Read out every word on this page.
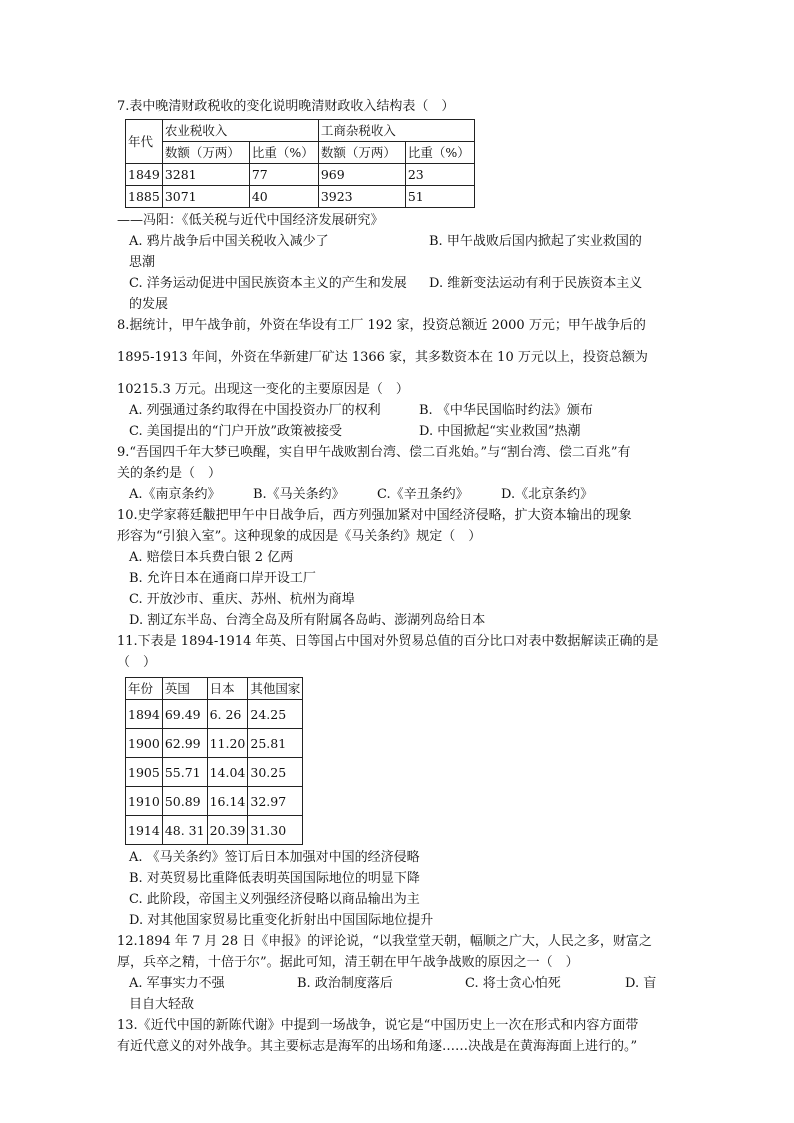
7.表中晚清财政税收的变化说明晚清财政收入结构表（　）
年代	农业税收入		工商杂税收入	
	数额（万两）	比重（%）	数额（万两）	比重（%）
1849	3281	77	969	23
1885	3071	40	3923	51
——冯阳：《低关税与近代中国经济发展研究》
A. 鸦片战争后中国关税收入减少了	B. 甲午战败后国内掀起了实业救国的
思潮
C. 洋务运动促进中国民族资本主义的产生和发展	D. 维新变法运动有利于民族资本主义
的发展
8.据统计，甲午战争前，外资在华设有工厂 192 家，投资总额近 2000 万元；甲午战争后的
1895-1913 年间，外资在华新建厂矿达 1366 家，其多数资本在 10 万元以上，投资总额为
10215.3 万元。出现这一变化的主要原因是（　）
A. 列强通过条约取得在中国投资办厂的权利	B. 《中华民国临时约法》颁布
C. 美国提出的“门户开放”政策被接受	D. 中国掀起“实业救国”热潮
9.“吾国四千年大梦已唤醒，实自甲午战败割台湾、偿二百兆始。”与“割台湾、偿二百兆”有
关的条约是（　）
A.《南京条约》	B.《马关条约》	C.《辛丑条约》	D.《北京条约》
10.史学家蒋廷黻把甲午中日战争后，西方列强加紧对中国经济侵略，扩大资本输出的现象
形容为“引狼入室”。这种现象的成因是《马关条约》规定（　）
A. 赔偿日本兵费白银 2 亿两
B. 允许日本在通商口岸开设工厂
C. 开放沙市、重庆、苏州、杭州为商埠
D. 割辽东半岛、台湾全岛及所有附属各岛屿、澎湖列岛给日本
11.下表是 1894-1914 年英、日等国占中国对外贸易总值的百分比口对表中数据解读正确的是
（　）
年份	英国	日本	其他国家
1894	69.49	6. 26	24.25
1900	62.99	11.20	25.81
1905	55.71	14.04	30.25
1910	50.89	16.14	32.97
1914	48. 31	20.39	31.30
A. 《马关条约》签订后日本加强对中国的经济侵略
B. 对英贸易比重降低表明英国国际地位的明显下降
C. 此阶段，帝国主义列强经济侵略以商品输出为主
D. 对其他国家贸易比重变化折射出中国国际地位提升
12.1894 年 7 月 28 日《申报》的评论说，“以我堂堂天朝，幅顺之广大，人民之多，财富之
厚，兵卒之精，十倍于尔”。据此可知，清王朝在甲午战争战败的原因之一（　）
A. 军事实力不强	B. 政治制度落后	C. 将士贪心怕死	D. 盲
目自大轻敌
13.《近代中国的新陈代谢》中提到一场战争，说它是“中国历史上一次在形式和内容方面带
有近代意义的对外战争。其主要标志是海军的出场和角逐……决战是在黄海海面上进行的。”
